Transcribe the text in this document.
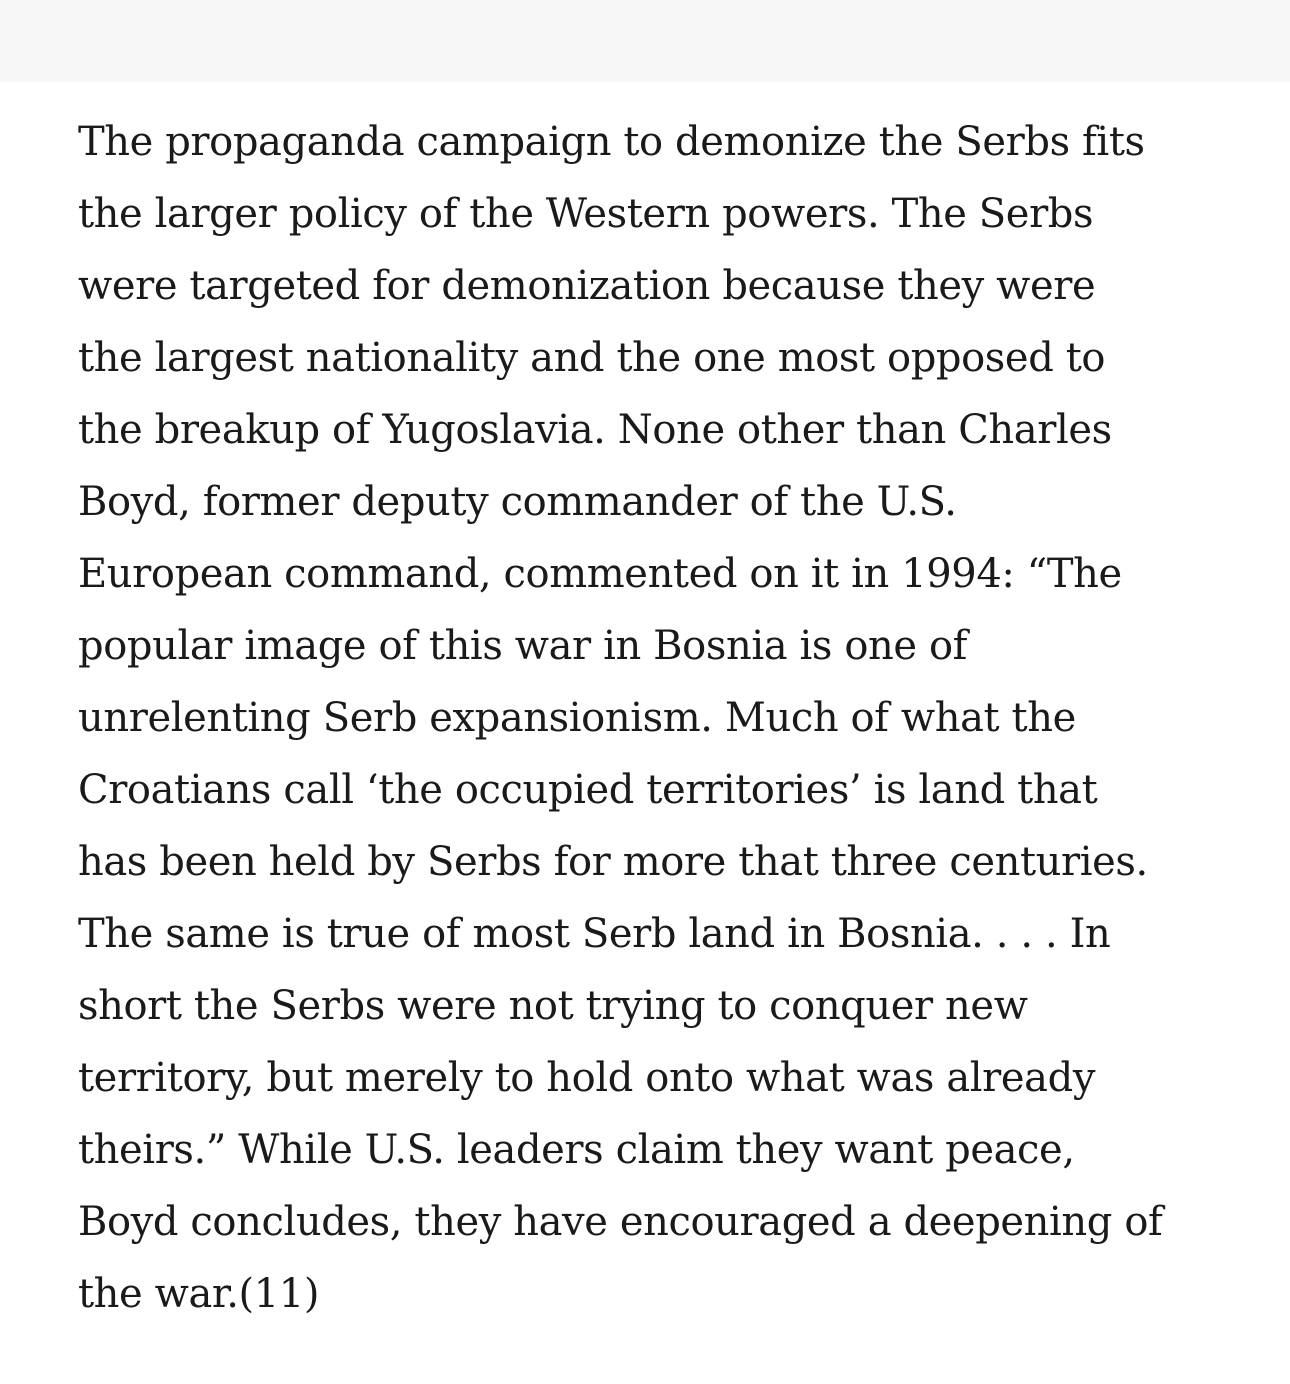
The propaganda campaign to demonize the Serbs fits
the larger policy of the Western powers. The Serbs
were targeted for demonization because they were
the largest nationality and the one most opposed to
the breakup of Yugoslavia. None other than Charles
Boyd, former deputy commander of the U.S.
European command, commented on it in 1994: “The
popular image of this war in Bosnia is one of
unrelenting Serb expansionism. Much of what the
Croatians call ‘the occupied territories’ is land that
has been held by Serbs for more that three centuries.
The same is true of most Serb land in Bosnia. . . . In
short the Serbs were not trying to conquer new
territory, but merely to hold onto what was already
theirs.” While U.S. leaders claim they want peace,
Boyd concludes, they have encouraged a deepening of
the war.(11)
